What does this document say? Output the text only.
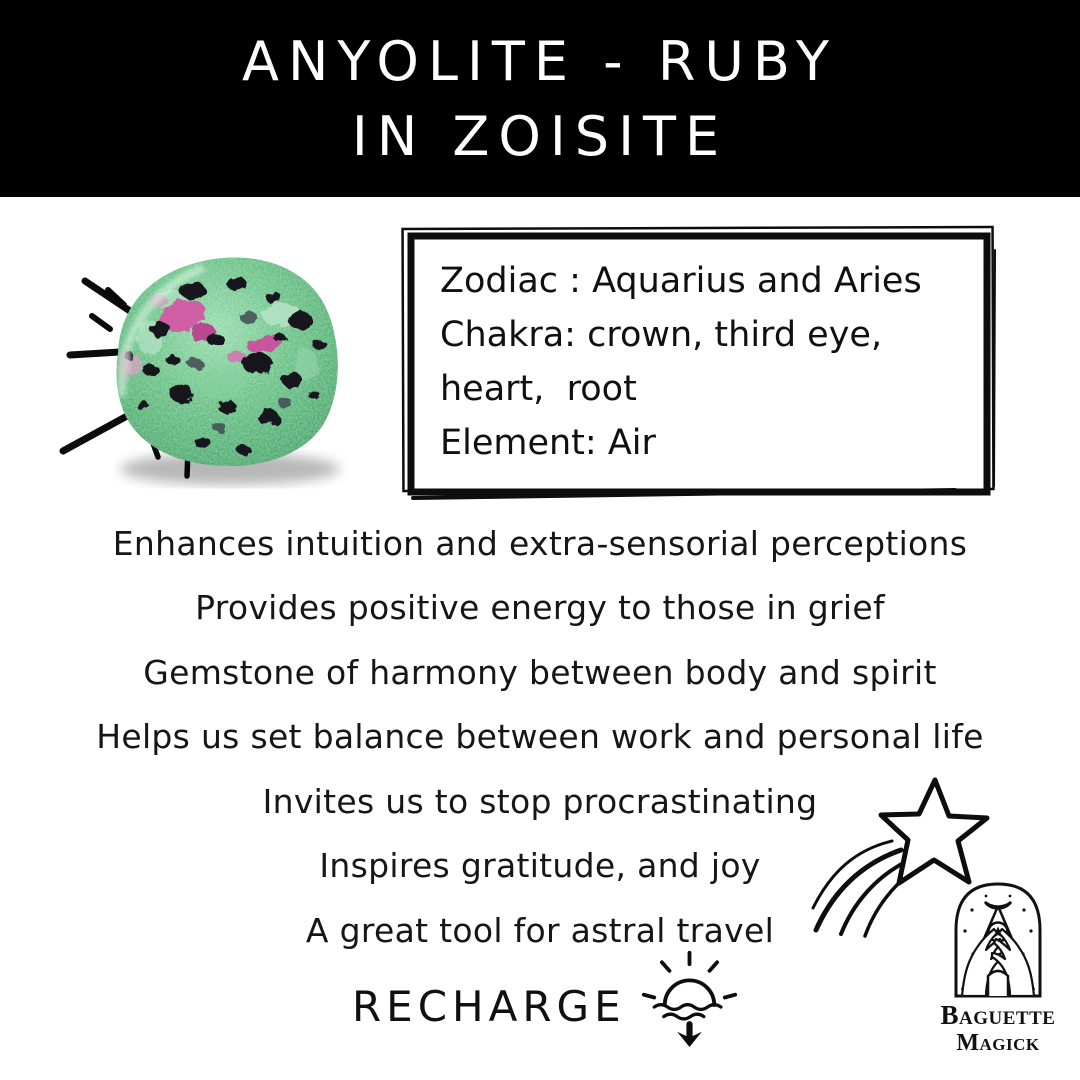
ANYOLITE - RUBY
IN ZOISITE
Zodiac : Aquarius and Aries
Chakra: crown, third eye,
heart,  root
Element: Air
Enhances intuition and extra-sensorial perceptions
Provides positive energy to those in grief
Gemstone of harmony between body and spirit
Helps us set balance between work and personal life
Invites us to stop procrastinating
Inspires gratitude, and joy
A great tool for astral travel
RECHARGE	Baguette
Magick
